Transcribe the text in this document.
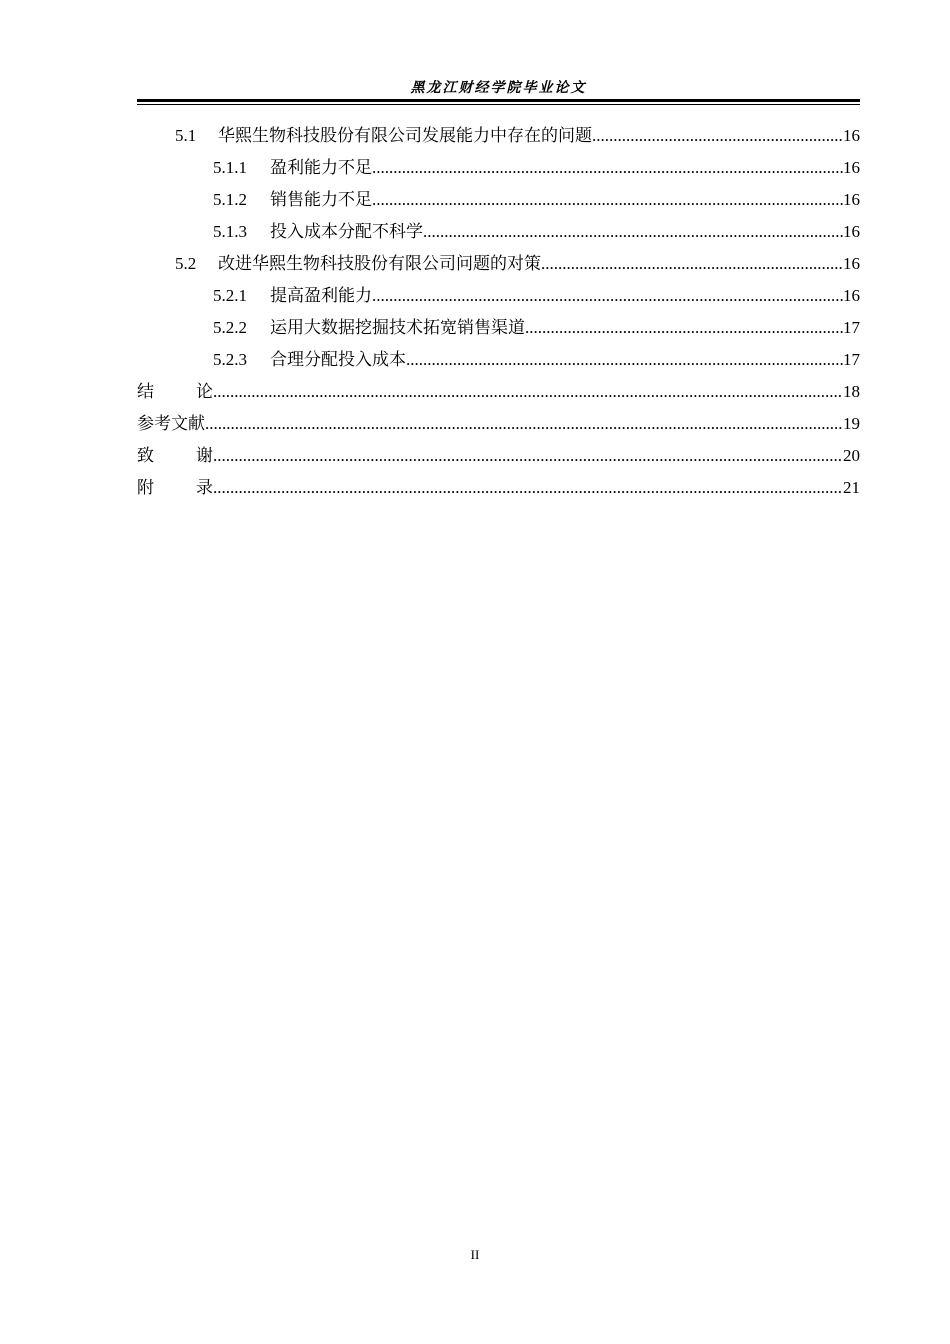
黑龙江财经学院毕业论文
5.1	华熙生物科技股份有限公司发展能力中存在的问题 .....	16
5.1.1	盈利能力不足 .....	16
5.1.2	销售能力不足 .....	16
5.1.3	投入成本分配不科学 .....	16
5.2	改进华熙生物科技股份有限公司问题的对策 .....	16
5.2.1	提高盈利能力 .....	16
5.2.2	运用大数据挖掘技术拓宽销售渠道 .....	17
5.2.3	合理分配投入成本 .....	17
结 论 .....	18
参考文献 .....	19
致 谢 .....	20
附 录 .....	21
II
